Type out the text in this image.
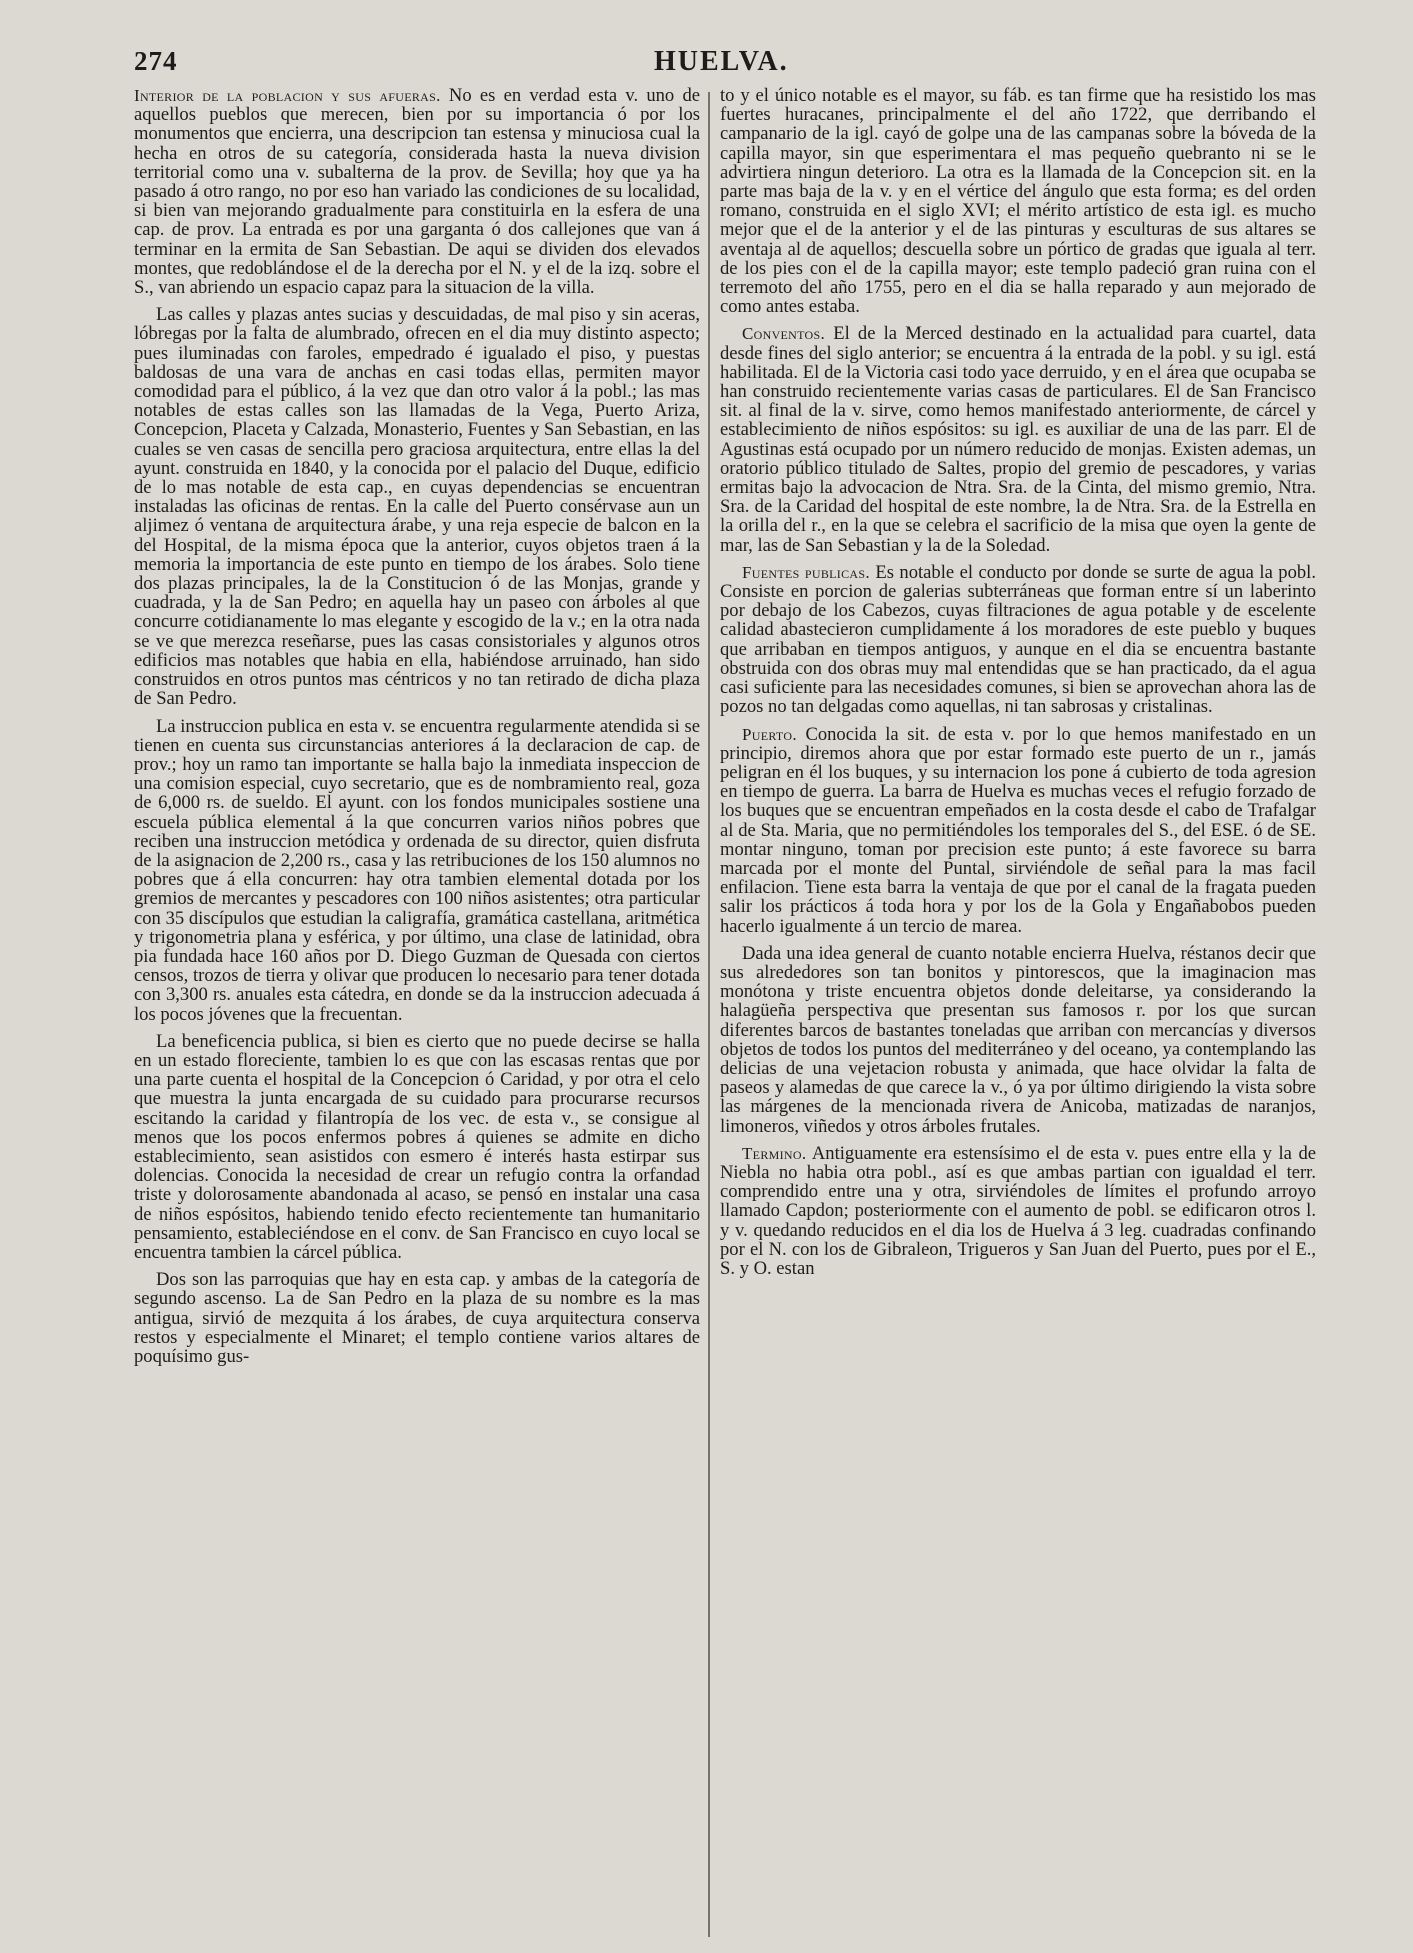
274	HUELVA.

Interior de la poblacion y sus afueras. No es en verdad esta v. uno de aquellos pueblos que merecen, bien por su importancia ó por los monumentos que encierra, una descripcion tan estensa y minuciosa cual la hecha en otros de su categoría, considerada hasta la nueva division territorial como una v. subalterna de la prov. de Sevilla; hoy que ya ha pasado á otro rango, no por eso han variado las condiciones de su localidad, si bien van mejorando gradualmente para constituirla en la esfera de una cap. de prov. La entrada es por una garganta ó dos callejones que van á terminar en la ermita de San Sebastian. De aqui se dividen dos elevados montes, que redoblándose el de la derecha por el N. y el de la izq. sobre el S., van abriendo un espacio capaz para la situacion de la villa.

Las calles y plazas antes sucias y descuidadas, de mal piso y sin aceras, lóbregas por la falta de alumbrado, ofrecen en el dia muy distinto aspecto; pues iluminadas con faroles, empedrado é igualado el piso, y puestas baldosas de una vara de anchas en casi todas ellas, permiten mayor comodidad para el público, á la vez que dan otro valor á la pobl.; las mas notables de estas calles son las llamadas de la Vega, Puerto Ariza, Concepcion, Placeta y Calzada, Monasterio, Fuentes y San Sebastian, en las cuales se ven casas de sencilla pero graciosa arquitectura, entre ellas la del ayunt. construida en 1840, y la conocida por el palacio del Duque, edificio de lo mas notable de esta cap., en cuyas dependencias se encuentran instaladas las oficinas de rentas. En la calle del Puerto consérvase aun un aljimez ó ventana de arquitectura árabe, y una reja especie de balcon en la del Hospital, de la misma época que la anterior, cuyos objetos traen á la memoria la importancia de este punto en tiempo de los árabes. Solo tiene dos plazas principales, la de la Constitucion ó de las Monjas, grande y cuadrada, y la de San Pedro; en aquella hay un paseo con árboles al que concurre cotidianamente lo mas elegante y escogido de la v.; en la otra nada se ve que merezca reseñarse, pues las casas consistoriales y algunos otros edificios mas notables que habia en ella, habiéndose arruinado, han sido construidos en otros puntos mas céntricos y no tan retirado de dicha plaza de San Pedro.

La instruccion publica en esta v. se encuentra regularmente atendida si se tienen en cuenta sus circunstancias anteriores á la declaracion de cap. de prov.; hoy un ramo tan importante se halla bajo la inmediata inspeccion de una comision especial, cuyo secretario, que es de nombramiento real, goza de 6,000 rs. de sueldo. El ayunt. con los fondos municipales sostiene una escuela pública elemental á la que concurren varios niños pobres que reciben una instruccion metódica y ordenada de su director, quien disfruta de la asignacion de 2,200 rs., casa y las retribuciones de los 150 alumnos no pobres que á ella concurren: hay otra tambien elemental dotada por los gremios de mercantes y pescadores con 100 niños asistentes; otra particular con 35 discípulos que estudian la caligrafía, gramática castellana, aritmética y trigonometria plana y esférica, y por último, una clase de latinidad, obra pia fundada hace 160 años por D. Diego Guzman de Quesada con ciertos censos, trozos de tierra y olivar que producen lo necesario para tener dotada con 3,300 rs. anuales esta cátedra, en donde se da la instruccion adecuada á los pocos jóvenes que la frecuentan.

La beneficencia publica, si bien es cierto que no puede decirse se halla en un estado floreciente, tambien lo es que con las escasas rentas que por una parte cuenta el hospital de la Concepcion ó Caridad, y por otra el celo que muestra la junta encargada de su cuidado para procurarse recursos escitando la caridad y filantropía de los vec. de esta v., se consigue al menos que los pocos enfermos pobres á quienes se admite en dicho establecimiento, sean asistidos con esmero é interés hasta estirpar sus dolencias. Conocida la necesidad de crear un refugio contra la orfandad triste y dolorosamente abandonada al acaso, se pensó en instalar una casa de niños espósitos, habiendo tenido efecto recientemente tan humanitario pensamiento, estableciéndose en el conv. de San Francisco en cuyo local se encuentra tambien la cárcel pública.

Dos son las parroquias que hay en esta cap. y ambas de la categoría de segundo ascenso. La de San Pedro en la plaza de su nombre es la mas antigua, sirvió de mezquita á los árabes, de cuya arquitectura conserva restos y especialmente el Minaret; el templo contiene varios altares de poquísimo gus-

to y el único notable es el mayor, su fáb. es tan firme que ha resistido los mas fuertes huracanes, principalmente el del año 1722, que derribando el campanario de la igl. cayó de golpe una de las campanas sobre la bóveda de la capilla mayor, sin que esperimentara el mas pequeño quebranto ni se le advirtiera ningun deterioro. La otra es la llamada de la Concepcion sit. en la parte mas baja de la v. y en el vértice del ángulo que esta forma; es del orden romano, construida en el siglo XVI; el mérito artístico de esta igl. es mucho mejor que el de la anterior y el de las pinturas y esculturas de sus altares se aventaja al de aquellos; descuella sobre un pórtico de gradas que iguala al terr. de los pies con el de la capilla mayor; este templo padeció gran ruina con el terremoto del año 1755, pero en el dia se halla reparado y aun mejorado de como antes estaba.

Conventos. El de la Merced destinado en la actualidad para cuartel, data desde fines del siglo anterior; se encuentra á la entrada de la pobl. y su igl. está habilitada. El de la Victoria casi todo yace derruido, y en el área que ocupaba se han construido recientemente varias casas de particulares. El de San Francisco sit. al final de la v. sirve, como hemos manifestado anteriormente, de cárcel y establecimiento de niños espósitos: su igl. es auxiliar de una de las parr. El de Agustinas está ocupado por un número reducido de monjas. Existen ademas, un oratorio público titulado de Saltes, propio del gremio de pescadores, y varias ermitas bajo la advocacion de Ntra. Sra. de la Cinta, del mismo gremio, Ntra. Sra. de la Caridad del hospital de este nombre, la de Ntra. Sra. de la Estrella en la orilla del r., en la que se celebra el sacrificio de la misa que oyen la gente de mar, las de San Sebastian y la de la Soledad.

Fuentes publicas. Es notable el conducto por donde se surte de agua la pobl. Consiste en porcion de galerias subterráneas que forman entre sí un laberinto por debajo de los Cabezos, cuyas filtraciones de agua potable y de escelente calidad abastecieron cumplidamente á los moradores de este pueblo y buques que arribaban en tiempos antiguos, y aunque en el dia se encuentra bastante obstruida con dos obras muy mal entendidas que se han practicado, da el agua casi suficiente para las necesidades comunes, si bien se aprovechan ahora las de pozos no tan delgadas como aquellas, ni tan sabrosas y cristalinas.

Puerto. Conocida la sit. de esta v. por lo que hemos manifestado en un principio, diremos ahora que por estar formado este puerto de un r., jamás peligran en él los buques, y su internacion los pone á cubierto de toda agresion en tiempo de guerra. La barra de Huelva es muchas veces el refugio forzado de los buques que se encuentran empeñados en la costa desde el cabo de Trafalgar al de Sta. Maria, que no permitiéndoles los temporales del S., del ESE. ó de SE. montar ninguno, toman por precision este punto; á este favorece su barra marcada por el monte del Puntal, sirviéndole de señal para la mas facil enfilacion. Tiene esta barra la ventaja de que por el canal de la fragata pueden salir los prácticos á toda hora y por los de la Gola y Engañabobos pueden hacerlo igualmente á un tercio de marea.

Dada una idea general de cuanto notable encierra Huelva, réstanos decir que sus alrededores son tan bonitos y pintorescos, que la imaginacion mas monótona y triste encuentra objetos donde deleitarse, ya considerando la halagüeña perspectiva que presentan sus famosos r. por los que surcan diferentes barcos de bastantes toneladas que arriban con mercancías y diversos objetos de todos los puntos del mediterráneo y del oceano, ya contemplando las delicias de una vejetacion robusta y animada, que hace olvidar la falta de paseos y alamedas de que carece la v., ó ya por último dirigiendo la vista sobre las márgenes de la mencionada rivera de Anicoba, matizadas de naranjos, limoneros, viñedos y otros árboles frutales.

Termino. Antiguamente era estensísimo el de esta v. pues entre ella y la de Niebla no habia otra pobl., así es que ambas partian con igualdad el terr. comprendido entre una y otra, sirviéndoles de límites el profundo arroyo llamado Capdon; posteriormente con el aumento de pobl. se edificaron otros l. y v. quedando reducidos en el dia los de Huelva á 3 leg. cuadradas confinando por el N. con los de Gibraleon, Trigueros y San Juan del Puerto, pues por el E., S. y O. estan
